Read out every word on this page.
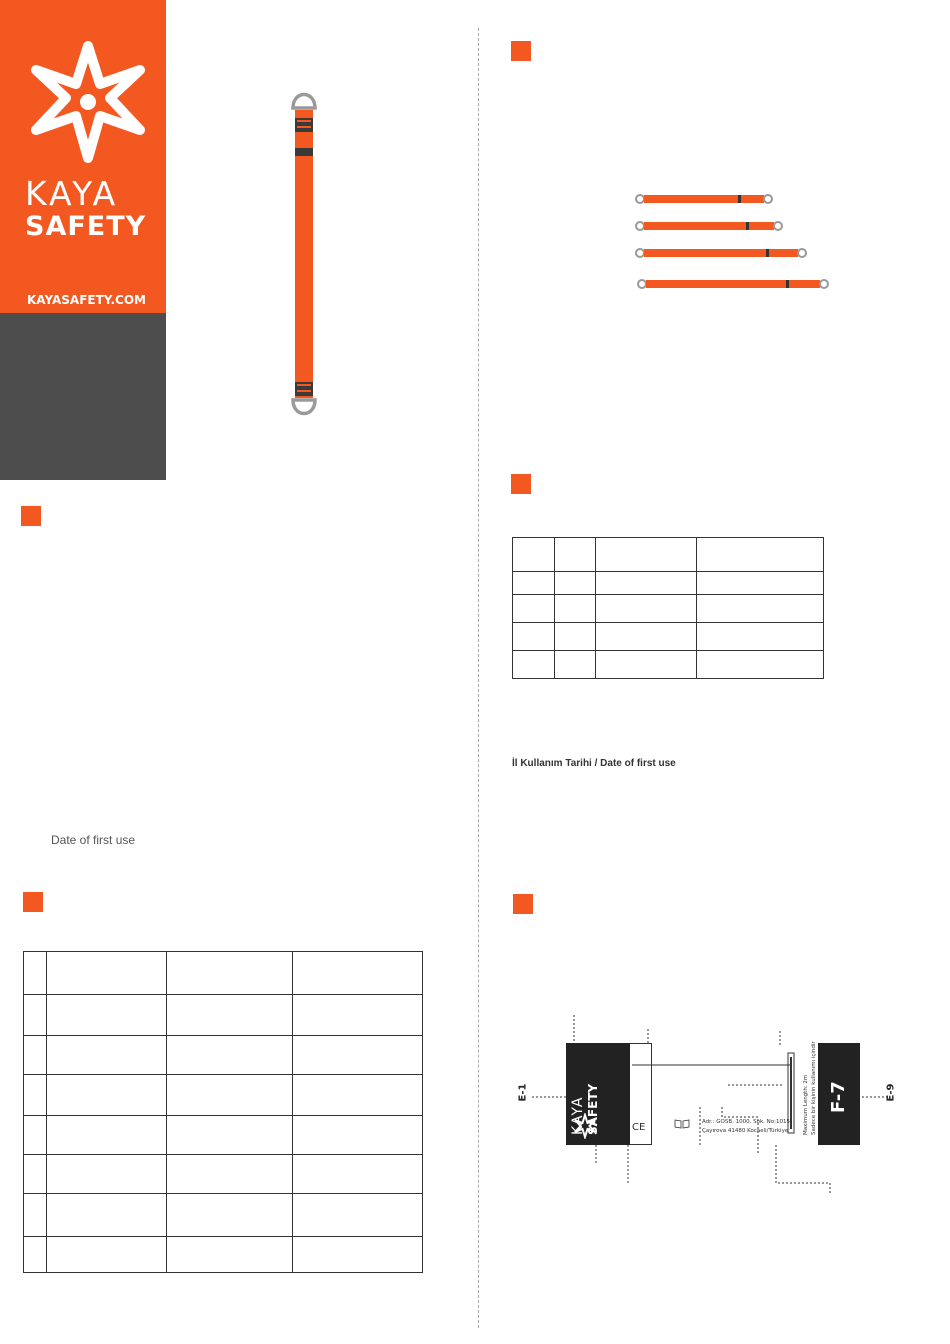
KAYA
SAFETY
KAYASAFETY.COM
Date of first use

İl Kullanım Tarihi / Date of first use
E-1	E-9
KAYA SAFETY	CE	Adr.: GOSB. 1000. Sok. No:1015
Çayırova 41480 Kocaeli/Türkiye	Maximum Length: 2m Sadece bir kişinin kullanımı içindir F-7
